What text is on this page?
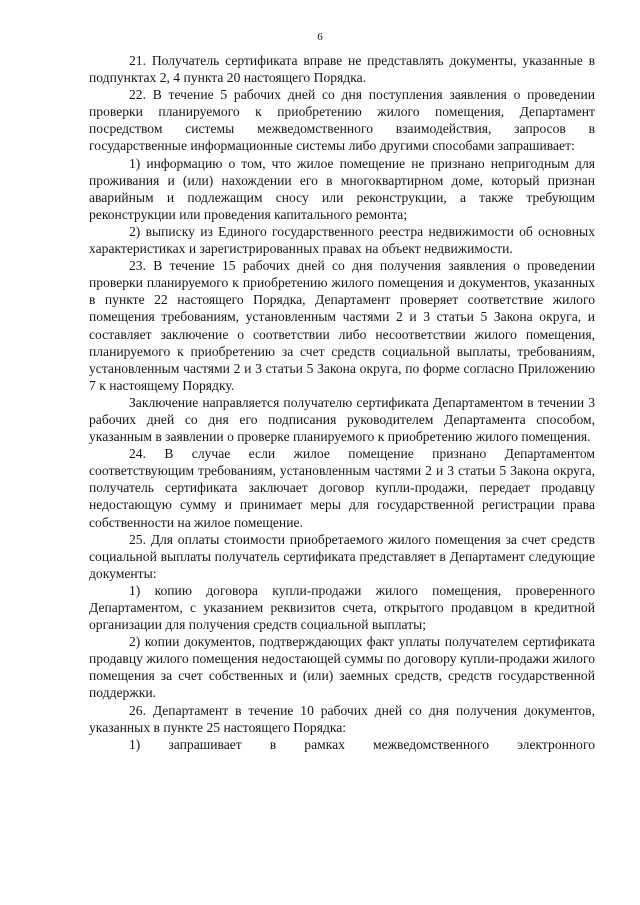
6

21. Получатель сертификата вправе не представлять документы, указанные в подпунктах 2, 4 пункта 20 настоящего Порядка.

22. В течение 5 рабочих дней со дня поступления заявления о проведении проверки планируемого к приобретению жилого помещения, Департамент посредством системы межведомственного взаимодействия, запросов в государственные информационные системы либо другими способами запрашивает:

1) информацию о том, что жилое помещение не признано непригодным для проживания и (или) нахождении его в многоквартирном доме, который признан аварийным и подлежащим сносу или реконструкции, а также требующим реконструкции или проведения капитального ремонта;

2) выписку из Единого государственного реестра недвижимости об основных характеристиках и зарегистрированных правах на объект недвижимости.

23. В течение 15 рабочих дней со дня получения заявления о проведении проверки планируемого к приобретению жилого помещения и документов, указанных в пункте 22 настоящего Порядка, Департамент проверяет соответствие жилого помещения требованиям, установленным частями 2 и 3 статьи 5 Закона округа, и составляет заключение о соответствии либо несоответствии жилого помещения, планируемого к приобретению за счет средств социальной выплаты, требованиям, установленным частями 2 и 3 статьи 5 Закона округа, по форме согласно Приложению 7 к настоящему Порядку.

Заключение направляется получателю сертификата Департаментом в течении 3 рабочих дней со дня его подписания руководителем Департамента способом, указанным в заявлении о проверке планируемого к приобретению жилого помещения.

24. В случае если жилое помещение признано Департаментом соответствующим требованиям, установленным частями 2 и 3 статьи 5 Закона округа, получатель сертификата заключает договор купли-продажи, передает продавцу недостающую сумму и принимает меры для государственной регистрации права собственности на жилое помещение.

25. Для оплаты стоимости приобретаемого жилого помещения за счет средств социальной выплаты получатель сертификата представляет в Департамент следующие документы:

1) копию договора купли-продажи жилого помещения, проверенного Департаментом, с указанием реквизитов счета, открытого продавцом в кредитной организации для получения средств социальной выплаты;

2) копии документов, подтверждающих факт уплаты получателем сертификата продавцу жилого помещения недостающей суммы по договору купли-продажи жилого помещения за счет собственных и (или) заемных средств, средств государственной поддержки.

26. Департамент в течение 10 рабочих дней со дня получения документов, указанных в пункте 25 настоящего Порядка:

1) запрашивает в рамках межведомственного электронного
